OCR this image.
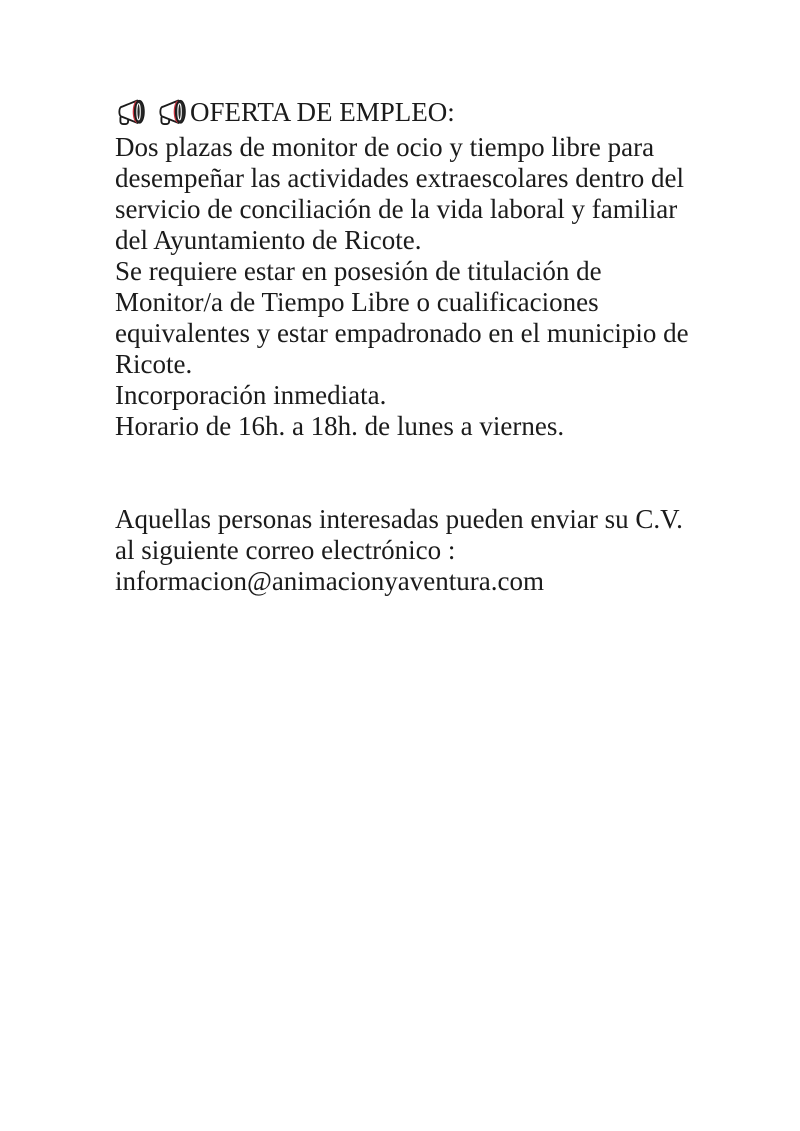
OFERTA DE EMPLEO:
Dos plazas de monitor de ocio y tiempo libre para
desempeñar las actividades extraescolares dentro del
servicio de conciliación de la vida laboral y familiar
del Ayuntamiento de Ricote.
Se requiere estar en posesión de titulación de
Monitor/a de Tiempo Libre o cualificaciones
equivalentes y estar empadronado en el municipio de
Ricote.
Incorporación inmediata.
Horario de 16h. a 18h. de lunes a viernes.
Aquellas personas interesadas pueden enviar su C.V.
al siguiente correo electrónico :
informacion@animacionyaventura.com
